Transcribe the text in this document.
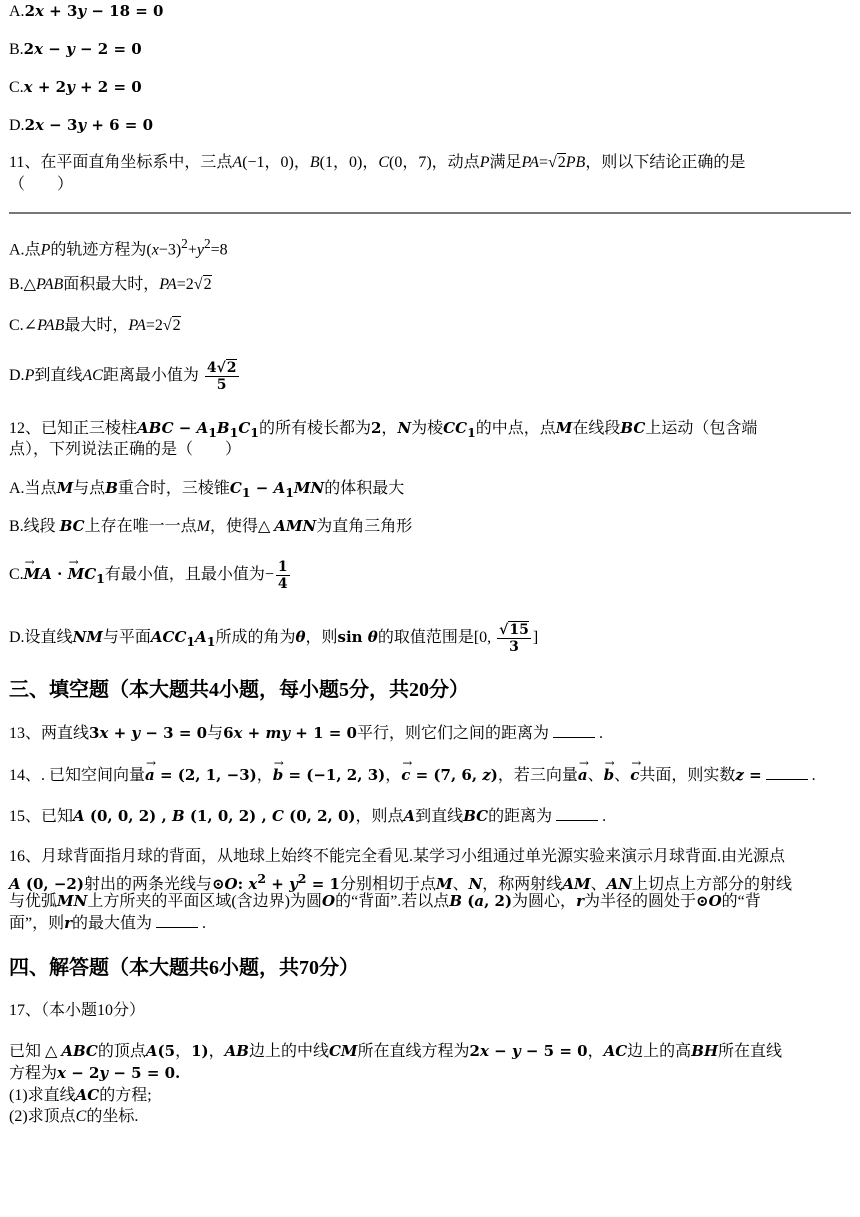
A.2x + 3y − 18 = 0
B.2x − y − 2 = 0
C.x + 2y + 2 = 0
D.2x − 3y + 6 = 0
11、在平面直角坐标系中，三点A(−1，0)，B(1，0)，C(0，7)，动点P满足PA=√2PB，则以下结论正确的是
（　　）
A.点P的轨迹方程为$(x-3)^2+y^2=8$
B.△PAB面积最大时，PA=2√2
C.∠PAB最大时，PA=2√2
D.P到直线AC距离最小值为 $\frac{4√2}{5}$
12、已知正三棱柱ABC − $A_1B_1C_1$的所有棱长都为2，N为棱$CC_1$的中点，点M在线段BC上运动（包含端
点），下列说法正确的是（　　）
A.当点M与点B重合时，三棱锥$C_1 - A_1MN$的体积最大
B.线段 BC上存在唯一一点M，使得△ AMN为直角三角形
C.→ MA · → $MC_1$有最小值，且最小值为− $\frac{1}{4}$
D.设直线NM与平面$ACC_1A_1$所成的角为θ，则sin θ的取值范围是[0, $\frac{√15}{3}$ ]
三、填空题（本大题共4小题，每小题5分，共20分）
13、两直线3x + y − 3 = 0与6x + my + 1 = 0平行，则它们之间的距离为	.
14、. 已知空间向量→ a = (2, 1, −3)，→ b = (−1, 2, 3)，→ c = (7, 6, z)，若三向量→ a、→ b、→ c共面，则实数z =	.
15、已知A (0, 0, 2) , B (1, 0, 2) , C (0, 2, 0)，则点A到直线BC的距离为	.
16、月球背面指月球的背面，从地球上始终不能完全看见.某学习小组通过单光源实验来演示月球背面.由光源点
A (0, −2)射出的两条光线与⊙O: $x^2 + y^2 = 1$分别相切于点M、N，称两射线AM、AN上切点上方部分的射线
与优弧MN上方所夹的平面区域(含边界)为圆O的“背面”.若以点B (a, 2)为圆心，r为半径的圆处于⊙O的“背
面”，则r的最大值为	.
四、解答题（本大题共6小题，共70分）
17、（本小题10分）
已知 △ ABC的顶点A(5，1)，AB边上的中线CM所在直线方程为2x − y − 5 = 0，AC边上的高BH所在直线
方程为x − 2y − 5 = 0.
(1)求直线AC的方程;
(2)求顶点C的坐标.
